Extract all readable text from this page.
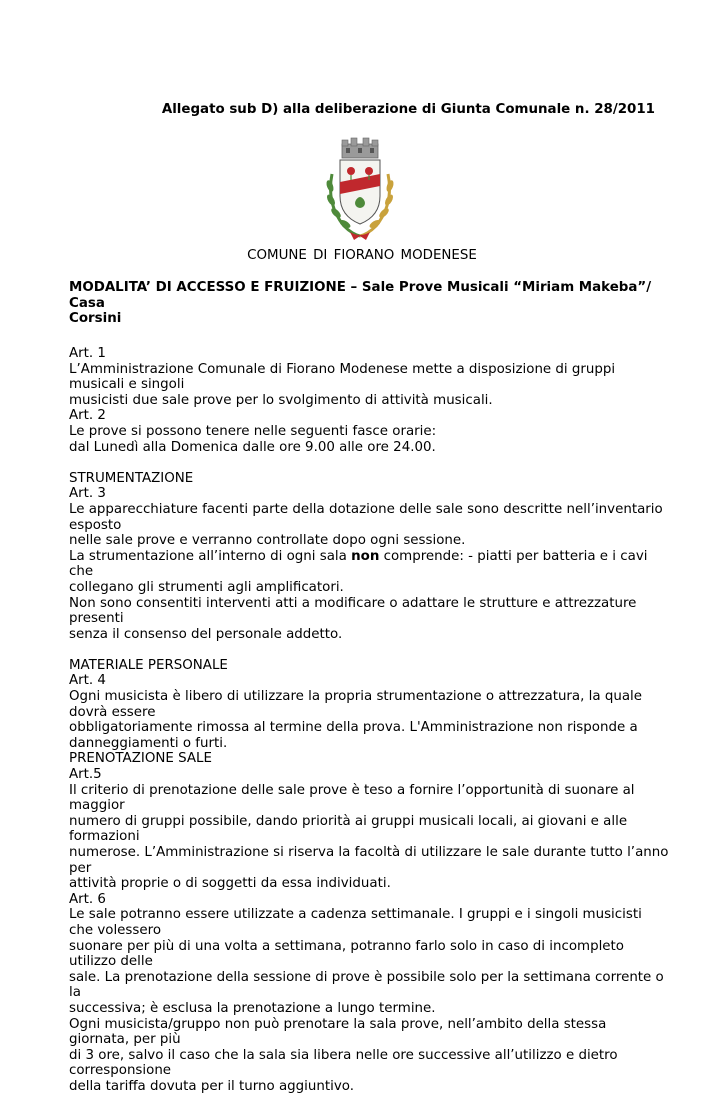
Allegato sub D) alla deliberazione di Giunta Comunale n. 28/2011
COMUNE DI FIORANO MODENESE
MODALITA’ DI ACCESSO E FRUIZIONE – Sale Prove Musicali “Miriam Makeba”/ Casa
Corsini

Art. 1

L’Amministrazione Comunale di Fiorano Modenese mette a disposizione di gruppi musicali e singoli

musicisti due sale prove per lo svolgimento di attività musicali.

Art. 2

Le prove si possono tenere nelle seguenti fasce orarie:

dal Lunedì alla Domenica dalle ore 9.00 alle ore 24.00.

STRUMENTAZIONE

Art. 3

Le apparecchiature facenti parte della dotazione delle sale sono descritte nell’inventario esposto

nelle sale prove e verranno controllate dopo ogni sessione.

La strumentazione all’interno di ogni sala non comprende: - piatti per batteria e i cavi che

collegano gli strumenti agli amplificatori.

Non sono consentiti interventi atti a modificare o adattare le strutture e attrezzature presenti

senza il consenso del personale addetto.

MATERIALE PERSONALE

Art. 4

Ogni musicista è libero di utilizzare la propria strumentazione o attrezzatura, la quale dovrà essere

obbligatoriamente rimossa al termine della prova. L'Amministrazione non risponde a

danneggiamenti o furti.

PRENOTAZIONE SALE

Art.5

Il criterio di prenotazione delle sale prove è teso a fornire l’opportunità di suonare al maggior

numero di gruppi possibile, dando priorità ai gruppi musicali locali, ai giovani e alle formazioni

numerose. L’Amministrazione si riserva la facoltà di utilizzare le sale durante tutto l’anno per

attività proprie o di soggetti da essa individuati.

Art. 6

Le sale potranno essere utilizzate a cadenza settimanale. I gruppi e i singoli musicisti che volessero

suonare per più di una volta a settimana, potranno farlo solo in caso di incompleto utilizzo delle

sale. La prenotazione della sessione di prove è possibile solo per la settimana corrente o la

successiva; è esclusa la prenotazione a lungo termine.

Ogni musicista/gruppo non può prenotare la sala prove, nell’ambito della stessa giornata, per più

di 3 ore, salvo il caso che la sala sia libera nelle ore successive all’utilizzo e dietro corresponsione

della tariffa dovuta per il turno aggiuntivo.
